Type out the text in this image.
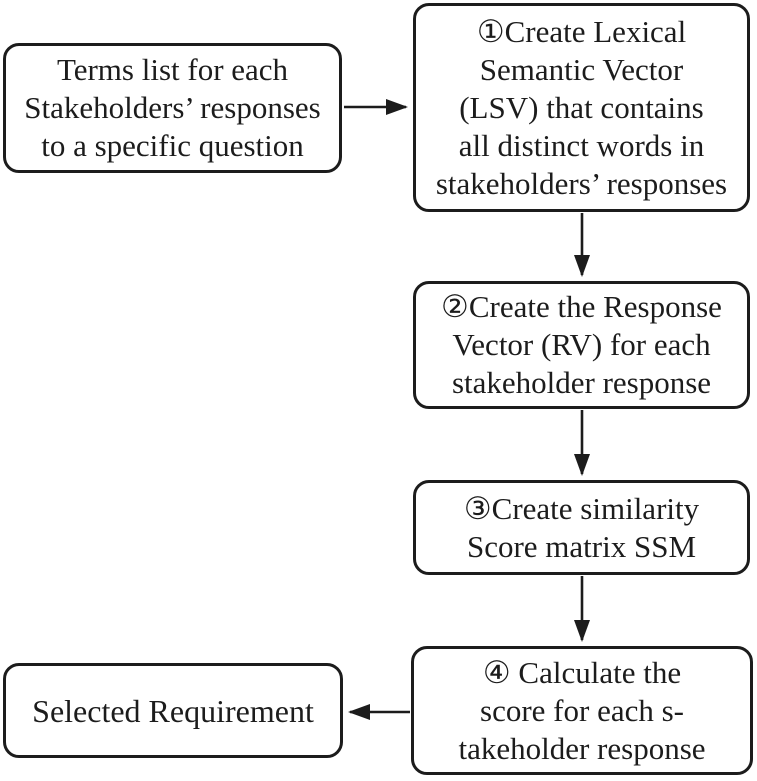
Terms list for each
Stakeholders’ responses
to a specific question
①Create Lexical
Semantic Vector
(LSV) that contains
all distinct words in
stakeholders’ responses
②Create the Response
Vector (RV) for each
stakeholder response
③Create similarity
Score matrix SSM
④ Calculate the
score for each s-
takeholder response
Selected Requirement
